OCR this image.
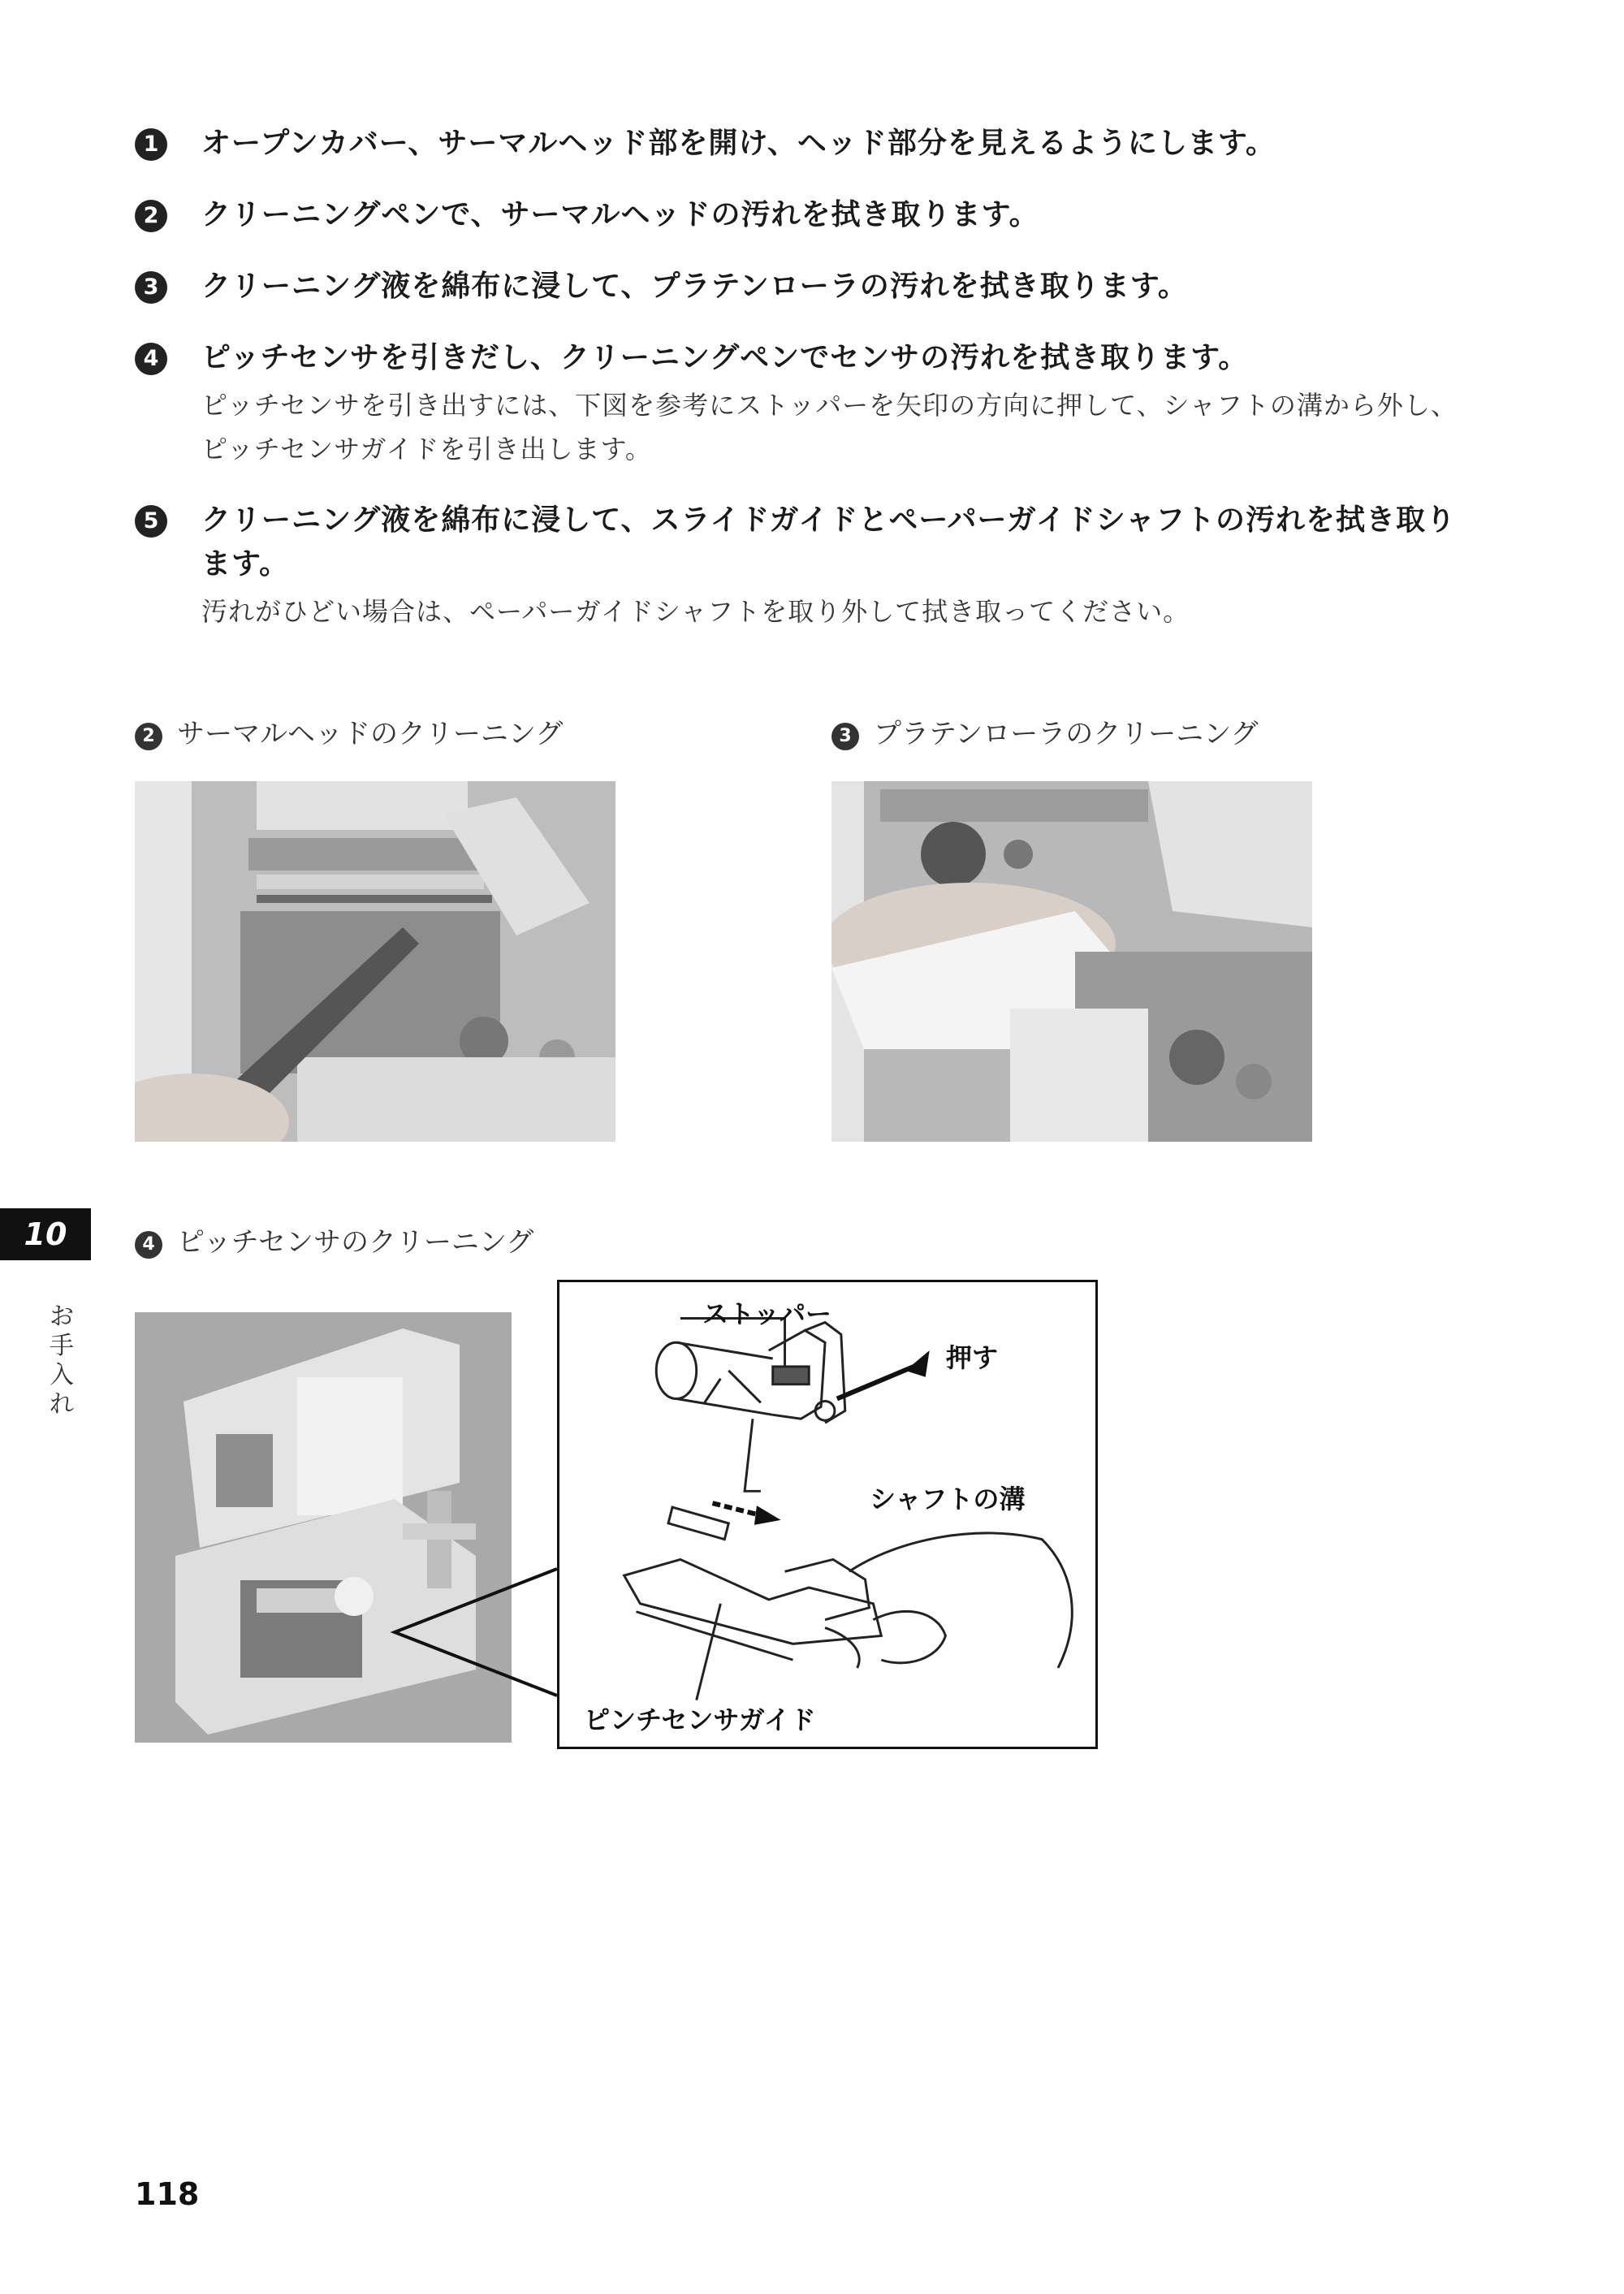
1 オープンカバー、サーマルヘッド部を開け、ヘッド部分を見えるようにします。
2 クリーニングペンで、サーマルヘッドの汚れを拭き取ります。
3 クリーニング液を綿布に浸して、プラテンローラの汚れを拭き取ります。
4 ピッチセンサを引きだし、クリーニングペンでセンサの汚れを拭き取ります。
ピッチセンサを引き出すには、下図を参考にストッパーを矢印の方向に押して、シャフトの溝から外し、ピッチセンサガイドを引き出します。
5 クリーニング液を綿布に浸して、スライドガイドとペーパーガイドシャフトの汚れを拭き取ります。
汚れがひどい場合は、ペーパーガイドシャフトを取り外して拭き取ってください。
2 サーマルヘッドのクリーニング	3 プラテンローラのクリーニング
4 ピッチセンサのクリーニング
ストッパー
押す
シャフトの溝
ピンチセンサガイド
10
お手入れ
118
